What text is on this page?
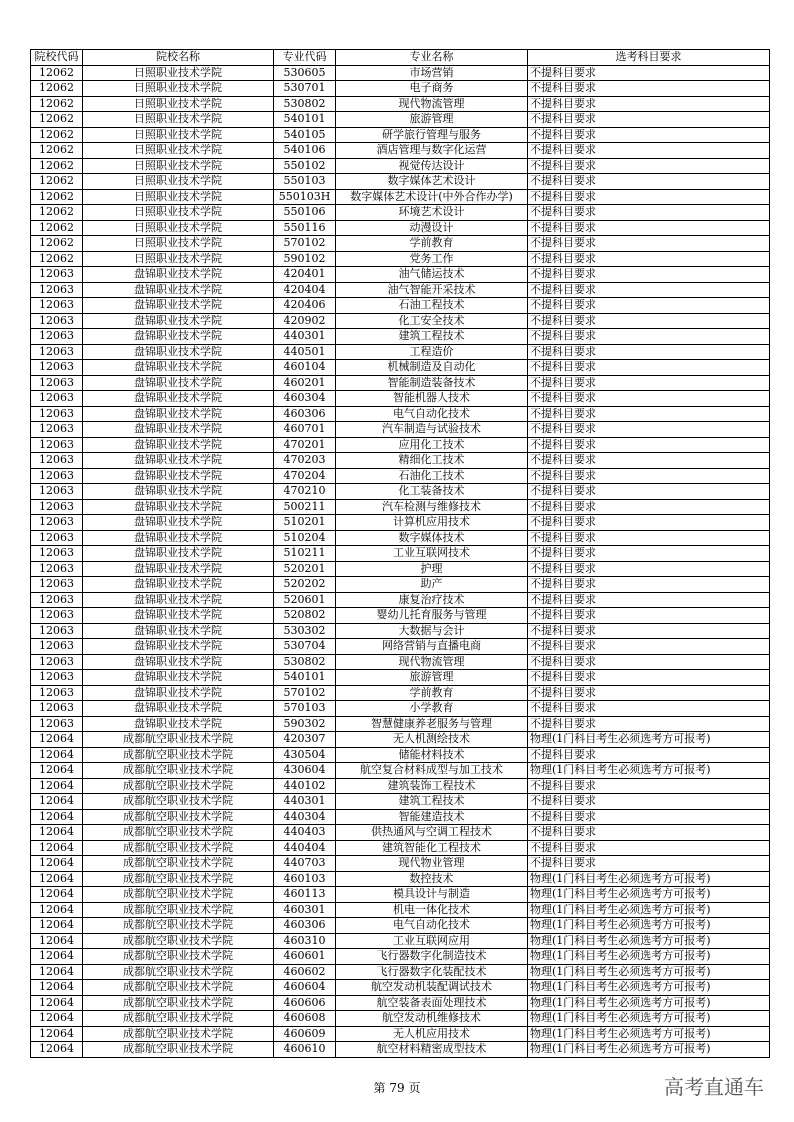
院校代码	院校名称	专业代码	专业名称	选考科目要求
12062	日照职业技术学院	530605	市场营销	不提科目要求
12062	日照职业技术学院	530701	电子商务	不提科目要求
12062	日照职业技术学院	530802	现代物流管理	不提科目要求
12062	日照职业技术学院	540101	旅游管理	不提科目要求
12062	日照职业技术学院	540105	研学旅行管理与服务	不提科目要求
12062	日照职业技术学院	540106	酒店管理与数字化运营	不提科目要求
12062	日照职业技术学院	550102	视觉传达设计	不提科目要求
12062	日照职业技术学院	550103	数字媒体艺术设计	不提科目要求
12062	日照职业技术学院	550103H	数字媒体艺术设计(中外合作办学)	不提科目要求
12062	日照职业技术学院	550106	环境艺术设计	不提科目要求
12062	日照职业技术学院	550116	动漫设计	不提科目要求
12062	日照职业技术学院	570102	学前教育	不提科目要求
12062	日照职业技术学院	590102	党务工作	不提科目要求
12063	盘锦职业技术学院	420401	油气储运技术	不提科目要求
12063	盘锦职业技术学院	420404	油气智能开采技术	不提科目要求
12063	盘锦职业技术学院	420406	石油工程技术	不提科目要求
12063	盘锦职业技术学院	420902	化工安全技术	不提科目要求
12063	盘锦职业技术学院	440301	建筑工程技术	不提科目要求
12063	盘锦职业技术学院	440501	工程造价	不提科目要求
12063	盘锦职业技术学院	460104	机械制造及自动化	不提科目要求
12063	盘锦职业技术学院	460201	智能制造装备技术	不提科目要求
12063	盘锦职业技术学院	460304	智能机器人技术	不提科目要求
12063	盘锦职业技术学院	460306	电气自动化技术	不提科目要求
12063	盘锦职业技术学院	460701	汽车制造与试验技术	不提科目要求
12063	盘锦职业技术学院	470201	应用化工技术	不提科目要求
12063	盘锦职业技术学院	470203	精细化工技术	不提科目要求
12063	盘锦职业技术学院	470204	石油化工技术	不提科目要求
12063	盘锦职业技术学院	470210	化工装备技术	不提科目要求
12063	盘锦职业技术学院	500211	汽车检测与维修技术	不提科目要求
12063	盘锦职业技术学院	510201	计算机应用技术	不提科目要求
12063	盘锦职业技术学院	510204	数字媒体技术	不提科目要求
12063	盘锦职业技术学院	510211	工业互联网技术	不提科目要求
12063	盘锦职业技术学院	520201	护理	不提科目要求
12063	盘锦职业技术学院	520202	助产	不提科目要求
12063	盘锦职业技术学院	520601	康复治疗技术	不提科目要求
12063	盘锦职业技术学院	520802	婴幼儿托育服务与管理	不提科目要求
12063	盘锦职业技术学院	530302	大数据与会计	不提科目要求
12063	盘锦职业技术学院	530704	网络营销与直播电商	不提科目要求
12063	盘锦职业技术学院	530802	现代物流管理	不提科目要求
12063	盘锦职业技术学院	540101	旅游管理	不提科目要求
12063	盘锦职业技术学院	570102	学前教育	不提科目要求
12063	盘锦职业技术学院	570103	小学教育	不提科目要求
12063	盘锦职业技术学院	590302	智慧健康养老服务与管理	不提科目要求
12064	成都航空职业技术学院	420307	无人机测绘技术	物理(1门科目考生必须选考方可报考)
12064	成都航空职业技术学院	430504	储能材料技术	不提科目要求
12064	成都航空职业技术学院	430604	航空复合材料成型与加工技术	物理(1门科目考生必须选考方可报考)
12064	成都航空职业技术学院	440102	建筑装饰工程技术	不提科目要求
12064	成都航空职业技术学院	440301	建筑工程技术	不提科目要求
12064	成都航空职业技术学院	440304	智能建造技术	不提科目要求
12064	成都航空职业技术学院	440403	供热通风与空调工程技术	不提科目要求
12064	成都航空职业技术学院	440404	建筑智能化工程技术	不提科目要求
12064	成都航空职业技术学院	440703	现代物业管理	不提科目要求
12064	成都航空职业技术学院	460103	数控技术	物理(1门科目考生必须选考方可报考)
12064	成都航空职业技术学院	460113	模具设计与制造	物理(1门科目考生必须选考方可报考)
12064	成都航空职业技术学院	460301	机电一体化技术	物理(1门科目考生必须选考方可报考)
12064	成都航空职业技术学院	460306	电气自动化技术	物理(1门科目考生必须选考方可报考)
12064	成都航空职业技术学院	460310	工业互联网应用	物理(1门科目考生必须选考方可报考)
12064	成都航空职业技术学院	460601	飞行器数字化制造技术	物理(1门科目考生必须选考方可报考)
12064	成都航空职业技术学院	460602	飞行器数字化装配技术	物理(1门科目考生必须选考方可报考)
12064	成都航空职业技术学院	460604	航空发动机装配调试技术	物理(1门科目考生必须选考方可报考)
12064	成都航空职业技术学院	460606	航空装备表面处理技术	物理(1门科目考生必须选考方可报考)
12064	成都航空职业技术学院	460608	航空发动机维修技术	物理(1门科目考生必须选考方可报考)
12064	成都航空职业技术学院	460609	无人机应用技术	物理(1门科目考生必须选考方可报考)
12064	成都航空职业技术学院	460610	航空材料精密成型技术	物理(1门科目考生必须选考方可报考)
第 79 页	高考直通车
